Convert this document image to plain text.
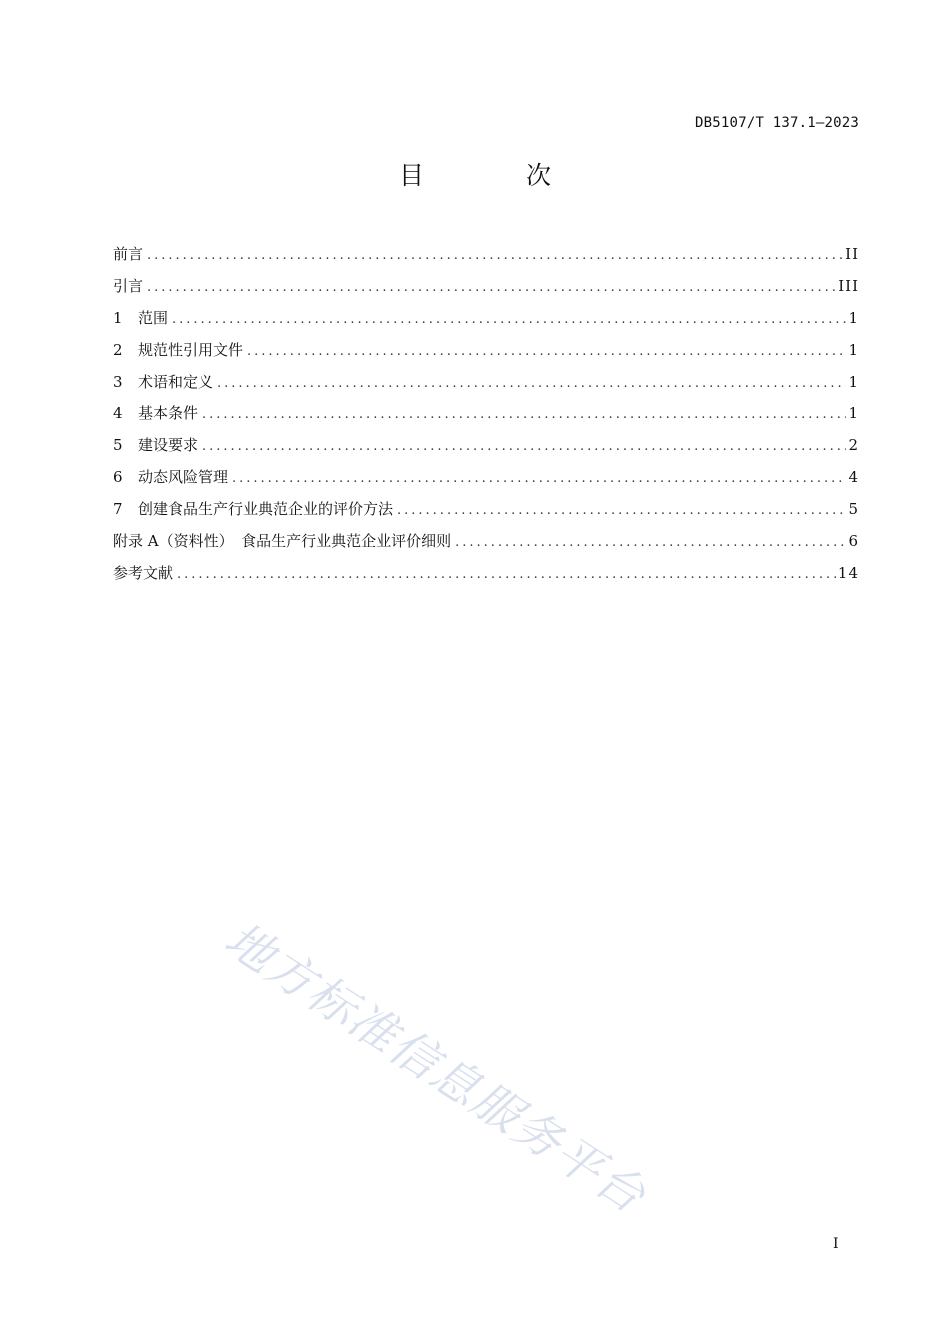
DB5107/T 137.1—2023
目 次
前言 .....	II
引言 .....	III
1	范围 .....	1
2	规范性引用文件 .....	1
3	术语和定义 .....	1
4	基本条件 .....	1
5	建设要求 .....	2
6	动态风险管理 .....	4
7	创建食品生产行业典范企业的评价方法 .....	5
附录 A（资料性）　食品生产行业典范企业评价细则 .....	6
参考文献 .....	14
地方标准信息服务平台
I
